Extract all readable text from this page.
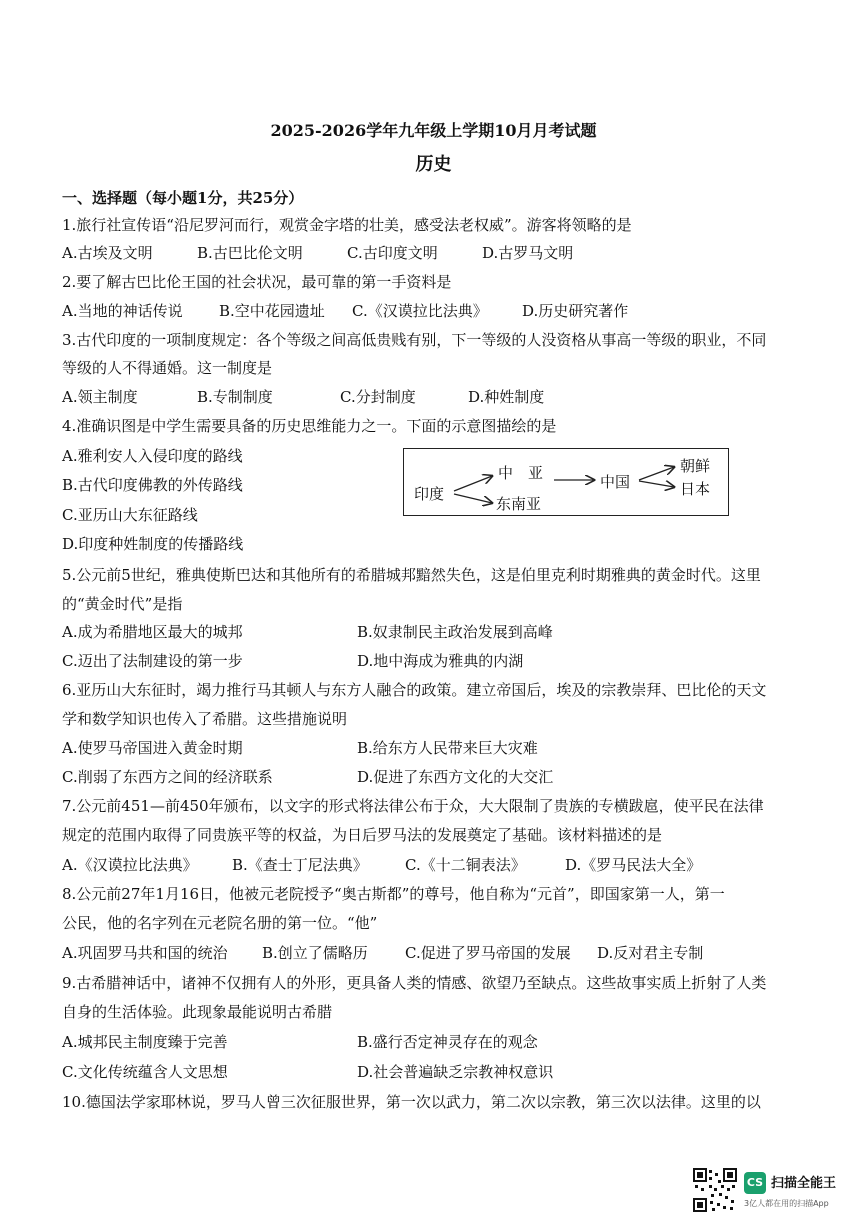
2025-2026学年九年级上学期10月月考试题
历史
一、选择题（每小题1分，共25分）
1.旅行社宣传语“沿尼罗河而行，观赏金字塔的壮美，感受法老权威”。游客将领略的是
A.古埃及文明	B.古巴比伦文明	C.古印度文明	D.古罗马文明
2.要了解古巴比伦王国的社会状况，最可靠的第一手资料是
A.当地的神话传说 B.空中花园遗址 C.《汉谟拉比法典》 D.历史研究著作
3.古代印度的一项制度规定：各个等级之间高低贵贱有别，下一等级的人没资格从事高一等级的职业，不同
等级的人不得通婚。这一制度是
A.领主制度	B.专制制度	C.分封制度	D.种姓制度
4.准确识图是中学生需要具备的历史思维能力之一。下面的示意图描绘的是
A.雅利安人入侵印度的路线
B.古代印度佛教的外传路线
C.亚历山大东征路线
D.印度种姓制度的传播路线
印度
中　亚
东南亚
中国
朝鲜
日本
5.公元前5世纪，雅典使斯巴达和其他所有的希腊城邦黯然失色，这是伯里克利时期雅典的黄金时代。这里
的“黄金时代”是指
A.成为希腊地区最大的城邦	B.奴隶制民主政治发展到高峰
C.迈出了法制建设的第一步	D.地中海成为雅典的内湖
6.亚历山大东征时，竭力推行马其顿人与东方人融合的政策。建立帝国后，埃及的宗教崇拜、巴比伦的天文
学和数学知识也传入了希腊。这些措施说明
A.使罗马帝国进入黄金时期	B.给东方人民带来巨大灾难
C.削弱了东西方之间的经济联系	D.促进了东西方文化的大交汇
7.公元前451—前450年颁布，以文字的形式将法律公布于众，大大限制了贵族的专横跋扈，使平民在法律
规定的范围内取得了同贵族平等的权益，为日后罗马法的发展奠定了基础。该材料描述的是
A.《汉谟拉比法典》 B.《查士丁尼法典》 C.《十二铜表法》	D.《罗马民法大全》
8.公元前27年1月16日，他被元老院授予“奥古斯都”的尊号，他自称为“元首”，即国家第一人，第一
公民，他的名字列在元老院名册的第一位。“他”
A.巩固罗马共和国的统治 B.创立了儒略历 C.促进了罗马帝国的发展 D.反对君主专制
9.古希腊神话中，诸神不仅拥有人的外形，更具备人类的情感、欲望乃至缺点。这些故事实质上折射了人类
自身的生活体验。此现象最能说明古希腊
A.城邦民主制度臻于完善	B.盛行否定神灵存在的观念
C.文化传统蕴含人文思想	D.社会普遍缺乏宗教神权意识
10.德国法学家耶林说，罗马人曾三次征服世界，第一次以武力，第二次以宗教，第三次以法律。这里的以
CS 扫描全能王
3亿人都在用的扫描App
